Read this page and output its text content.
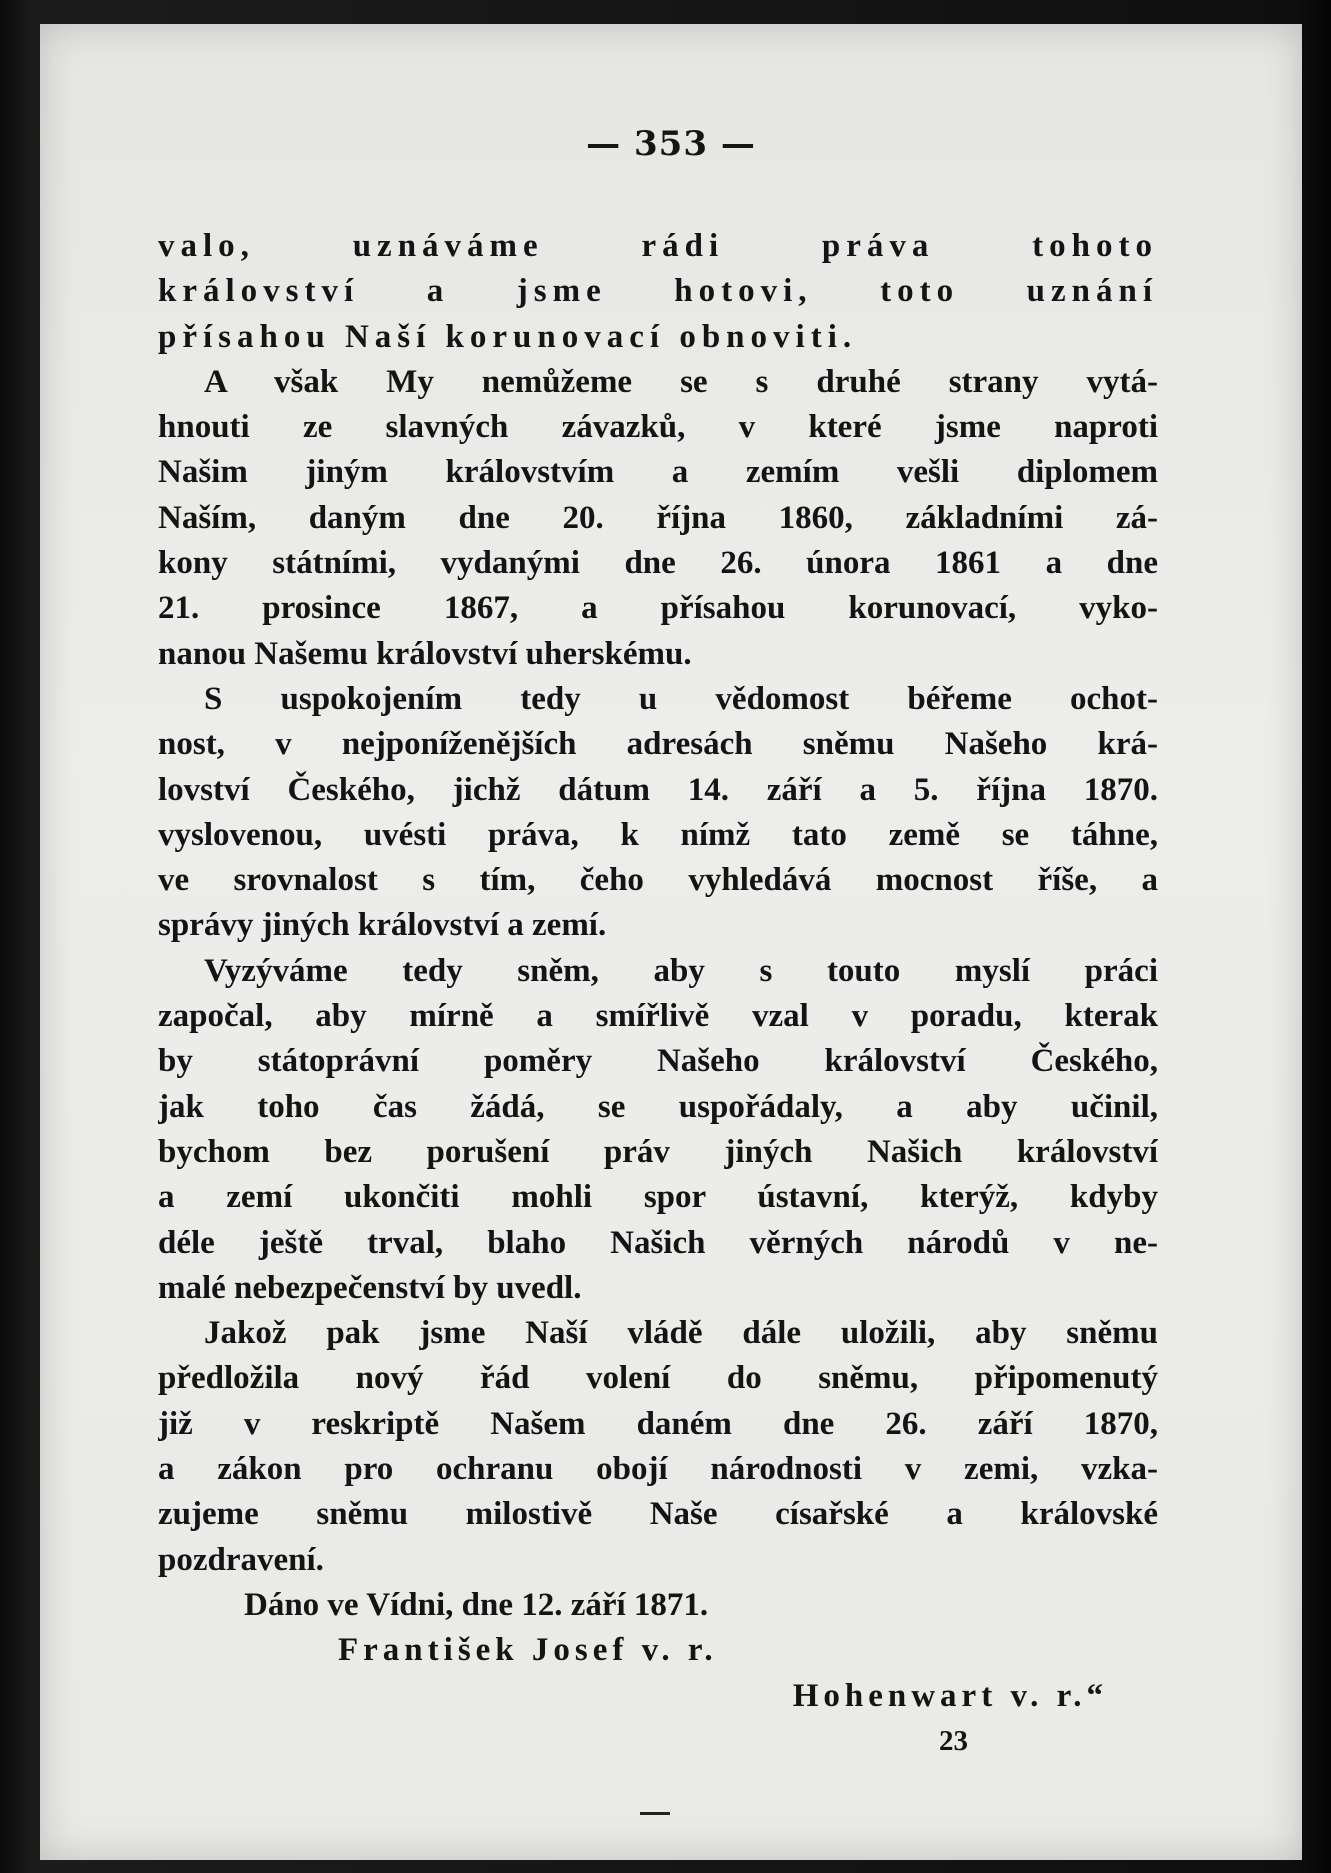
— 353 —
valo, uznáváme rádi práva tohoto
království a jsme hotovi, toto uznání
přísahou Naší korunovací obnoviti.
A však My nemůžeme se s druhé strany vytá-
hnouti ze slavných závazků, v které jsme naproti
Našim jiným královstvím a zemím vešli diplomem
Naším, daným dne 20. října 1860, základními zá-
kony státními, vydanými dne 26. února 1861 a dne
21. prosince 1867, a přísahou korunovací, vyko-
nanou Našemu království uherskému.
S uspokojením tedy u vědomost béřeme ochot-
nost, v nejponíženějších adresách sněmu Našeho krá-
lovství Českého, jichž dátum 14. září a 5. října 1870.
vyslovenou, uvésti práva, k nímž tato země se táhne,
ve srovnalost s tím, čeho vyhledává mocnost říše, a
správy jiných království a zemí.
Vyzýváme tedy sněm, aby s touto myslí práci
započal, aby mírně a smířlivě vzal v poradu, kterak
by státoprávní poměry Našeho království Českého,
jak toho čas žádá, se uspořádaly, a aby učinil,
bychom bez porušení práv jiných Našich království
a zemí ukončiti mohli spor ústavní, kterýž, kdyby
déle ještě trval, blaho Našich věrných národů v ne-
malé nebezpečenství by uvedl.
Jakož pak jsme Naší vládě dále uložili, aby sněmu
předložila nový řád volení do sněmu, připomenutý
již v reskriptě Našem daném dne 26. září 1870,
a zákon pro ochranu obojí národnosti v zemi, vzka-
zujeme sněmu milostivě Naše císařské a královské
pozdravení.
Dáno ve Vídni, dne 12. září 1871.
František Josef v. r.
Hohenwart v. r.“
23
